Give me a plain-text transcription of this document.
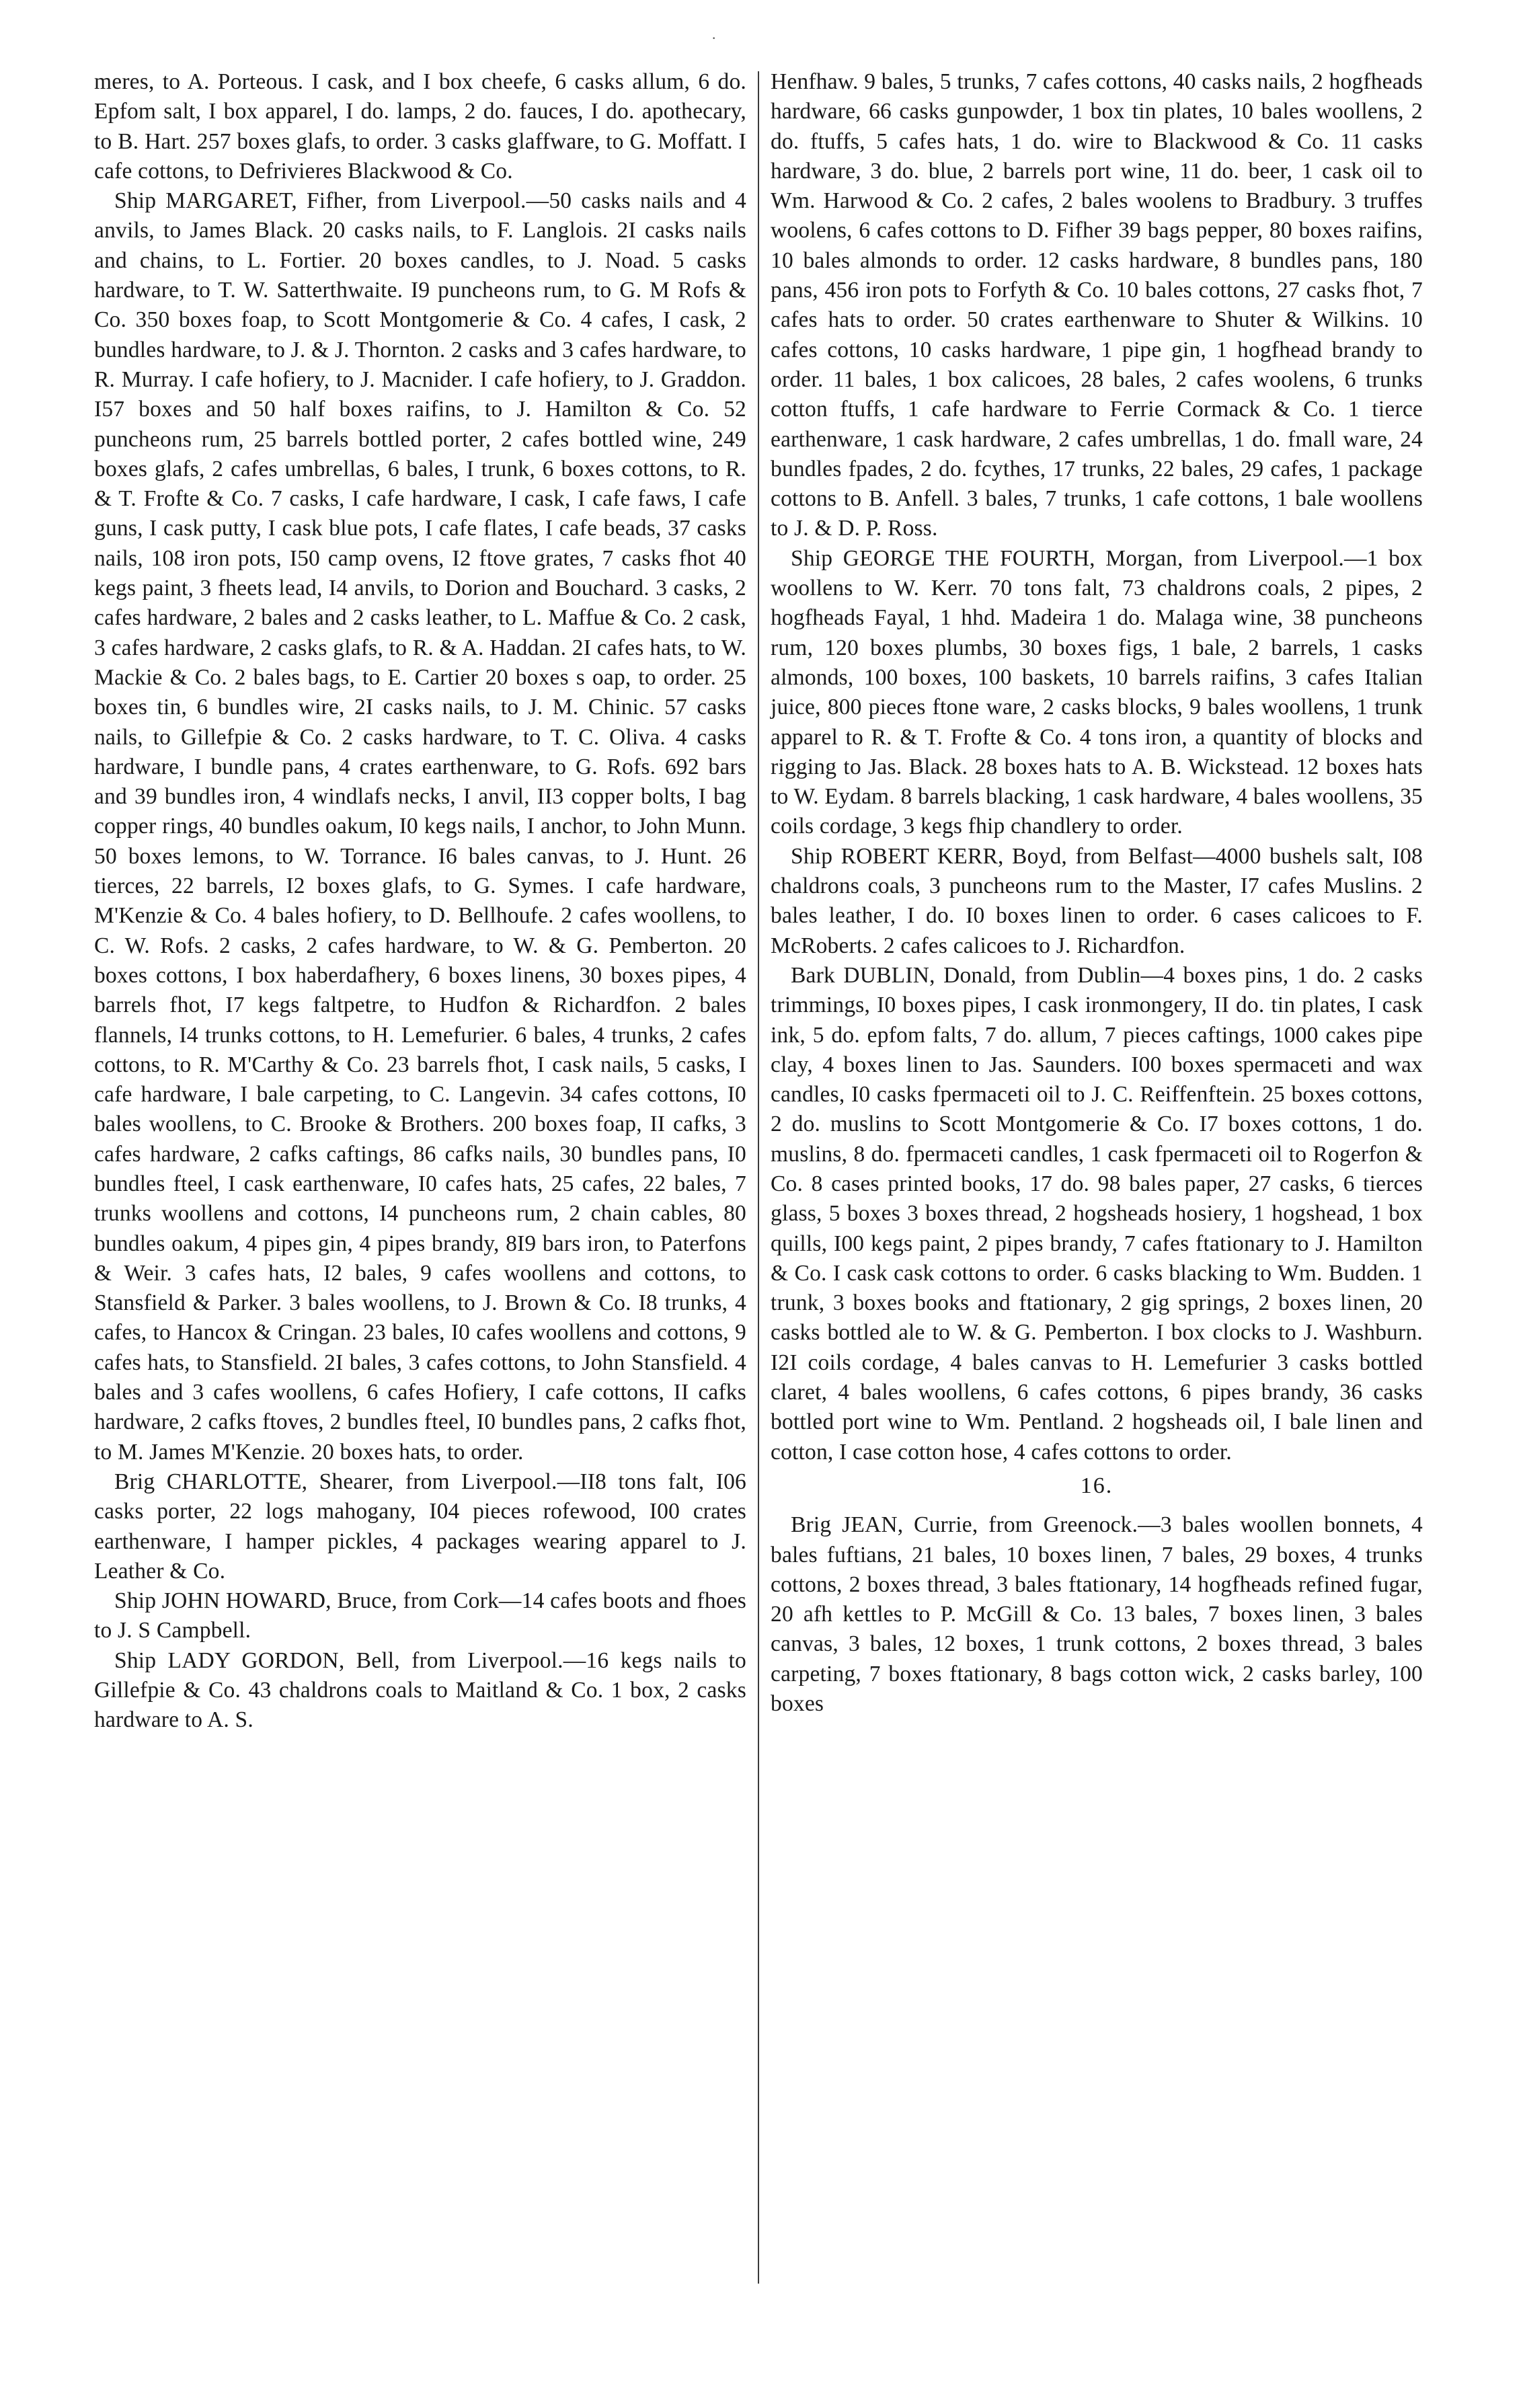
·

meres, to A. Porteous. I cask, and I box cheefe, 6 casks allum, 6 do. Epfom salt, I box apparel, I do. lamps, 2 do. fauces, I do. apothecary, to B. Hart. 257 boxes glafs, to order. 3 casks glaffware, to G. Moffatt. I cafe cottons, to Defrivieres Blackwood & Co.

Ship MARGARET, Fifher, from Liverpool.—50 casks nails and 4 anvils, to James Black. 20 casks nails, to F. Langlois. 2I casks nails and chains, to L. Fortier. 20 boxes candles, to J. Noad. 5 casks hardware, to T. W. Satterthwaite. I9 puncheons rum, to G. M Rofs & Co. 350 boxes foap, to Scott Montgomerie & Co. 4 cafes, I cask, 2 bundles hardware, to J. & J. Thornton. 2 casks and 3 cafes hardware, to R. Murray. I cafe hofiery, to J. Macnider. I cafe hofiery, to J. Graddon. I57 boxes and 50 half boxes raifins, to J. Hamilton & Co. 52 puncheons rum, 25 barrels bottled porter, 2 cafes bottled wine, 249 boxes glafs, 2 cafes umbrellas, 6 bales, I trunk, 6 boxes cottons, to R. & T. Frofte & Co. 7 casks, I cafe hardware, I cask, I cafe faws, I cafe guns, I cask putty, I cask blue pots, I cafe flates, I cafe beads, 37 casks nails, 108 iron pots, I50 camp ovens, I2 ftove grates, 7 casks fhot 40 kegs paint, 3 fheets lead, I4 anvils, to Dorion and Bouchard. 3 casks, 2 cafes hardware, 2 bales and 2 casks leather, to L. Maffue & Co. 2 cask, 3 cafes hardware, 2 casks glafs, to R. & A. Haddan. 2I cafes hats, to W. Mackie & Co. 2 bales bags, to E. Cartier 20 boxes s oap, to order. 25 boxes tin, 6 bundles wire, 2I casks nails, to J. M. Chinic. 57 casks nails, to Gillefpie & Co. 2 casks hardware, to T. C. Oliva. 4 casks hardware, I bundle pans, 4 crates earthenware, to G. Rofs. 692 bars and 39 bundles iron, 4 windlafs necks, I anvil, II3 copper bolts, I bag copper rings, 40 bundles oakum, I0 kegs nails, I anchor, to John Munn. 50 boxes lemons, to W. Torrance. I6 bales canvas, to J. Hunt. 26 tierces, 22 barrels, I2 boxes glafs, to G. Symes. I cafe hardware, M'Kenzie & Co. 4 bales hofiery, to D. Bellhoufe. 2 cafes woollens, to C. W. Rofs. 2 casks, 2 cafes hardware, to W. & G. Pemberton. 20 boxes cottons, I box haberdafhery, 6 boxes linens, 30 boxes pipes, 4 barrels fhot, I7 kegs faltpetre, to Hudfon & Richardfon. 2 bales flannels, I4 trunks cottons, to H. Lemefurier. 6 bales, 4 trunks, 2 cafes cottons, to R. M'Carthy & Co. 23 barrels fhot, I cask nails, 5 casks, I cafe hardware, I bale carpeting, to C. Langevin. 34 cafes cottons, I0 bales woollens, to C. Brooke & Brothers. 200 boxes foap, II cafks, 3 cafes hardware, 2 cafks caftings, 86 cafks nails, 30 bundles pans, I0 bundles fteel, I cask earthenware, I0 cafes hats, 25 cafes, 22 bales, 7 trunks woollens and cottons, I4 puncheons rum, 2 chain cables, 80 bundles oakum, 4 pipes gin, 4 pipes brandy, 8I9 bars iron, to Paterfons & Weir. 3 cafes hats, I2 bales, 9 cafes woollens and cottons, to Stansfield & Parker. 3 bales woollens, to J. Brown & Co. I8 trunks, 4 cafes, to Hancox & Cringan. 23 bales, I0 cafes woollens and cottons, 9 cafes hats, to Stansfield. 2I bales, 3 cafes cottons, to John Stansfield. 4 bales and 3 cafes woollens, 6 cafes Hofiery, I cafe cottons, II cafks hardware, 2 cafks ftoves, 2 bundles fteel, I0 bundles pans, 2 cafks fhot, to M. James M'Kenzie. 20 boxes hats, to order.

Brig CHARLOTTE, Shearer, from Liverpool.—II8 tons falt, I06 casks porter, 22 logs mahogany, I04 pieces rofewood, I00 crates earthenware, I hamper pickles, 4 packages wearing apparel to J. Leather & Co.

Ship JOHN HOWARD, Bruce, from Cork—14 cafes boots and fhoes to J. S Campbell.

Ship LADY GORDON, Bell, from Liverpool.—16 kegs nails to Gillefpie & Co. 43 chaldrons coals to Maitland & Co. 1 box, 2 casks hardware to A. S.

Henfhaw. 9 bales, 5 trunks, 7 cafes cottons, 40 casks nails, 2 hogfheads hardware, 66 casks gunpowder, 1 box tin plates, 10 bales woollens, 2 do. ftuffs, 5 cafes hats, 1 do. wire to Blackwood & Co. 11 casks hardware, 3 do. blue, 2 barrels port wine, 11 do. beer, 1 cask oil to Wm. Harwood & Co. 2 cafes, 2 bales woolens to Bradbury. 3 truffes woolens, 6 cafes cottons to D. Fifher 39 bags pepper, 80 boxes raifins, 10 bales almonds to order. 12 casks hardware, 8 bundles pans, 180 pans, 456 iron pots to Forfyth & Co. 10 bales cottons, 27 casks fhot, 7 cafes hats to order. 50 crates earthenware to Shuter & Wilkins. 10 cafes cottons, 10 casks hardware, 1 pipe gin, 1 hogfhead brandy to order. 11 bales, 1 box calicoes, 28 bales, 2 cafes woolens, 6 trunks cotton ftuffs, 1 cafe hardware to Ferrie Cormack & Co. 1 tierce earthenware, 1 cask hardware, 2 cafes umbrellas, 1 do. fmall ware, 24 bundles fpades, 2 do. fcythes, 17 trunks, 22 bales, 29 cafes, 1 package cottons to B. Anfell. 3 bales, 7 trunks, 1 cafe cottons, 1 bale woollens to J. & D. P. Ross.

Ship GEORGE THE FOURTH, Morgan, from Liverpool.—1 box woollens to W. Kerr. 70 tons falt, 73 chaldrons coals, 2 pipes, 2 hogfheads Fayal, 1 hhd. Madeira 1 do. Malaga wine, 38 puncheons rum, 120 boxes plumbs, 30 boxes figs, 1 bale, 2 barrels, 1 casks almonds, 100 boxes, 100 baskets, 10 barrels raifins, 3 cafes Italian juice, 800 pieces ftone ware, 2 casks blocks, 9 bales woollens, 1 trunk apparel to R. & T. Frofte & Co. 4 tons iron, a quantity of blocks and rigging to Jas. Black. 28 boxes hats to A. B. Wickstead. 12 boxes hats to W. Eydam. 8 barrels blacking, 1 cask hardware, 4 bales woollens, 35 coils cordage, 3 kegs fhip chandlery to order.

Ship ROBERT KERR, Boyd, from Belfast—4000 bushels salt, I08 chaldrons coals, 3 puncheons rum to the Master, I7 cafes Muslins. 2 bales leather, I do. I0 boxes linen to order. 6 cases calicoes to F. McRoberts. 2 cafes calicoes to J. Richardfon.

Bark DUBLIN, Donald, from Dublin—4 boxes pins, 1 do. 2 casks trimmings, I0 boxes pipes, I cask ironmongery, II do. tin plates, I cask ink, 5 do. epfom falts, 7 do. allum, 7 pieces caftings, 1000 cakes pipe clay, 4 boxes linen to Jas. Saunders. I00 boxes spermaceti and wax candles, I0 casks fpermaceti oil to J. C. Reiffenftein. 25 boxes cottons, 2 do. muslins to Scott Montgomerie & Co. I7 boxes cottons, 1 do. muslins, 8 do. fpermaceti candles, 1 cask fpermaceti oil to Rogerfon & Co. 8 cases printed books, 17 do. 98 bales paper, 27 casks, 6 tierces glass, 5 boxes 3 boxes thread, 2 hogsheads hosiery, 1 hogshead, 1 box quills, I00 kegs paint, 2 pipes brandy, 7 cafes ftationary to J. Hamilton & Co. I cask cask cottons to order. 6 casks blacking to Wm. Budden. 1 trunk, 3 boxes books and ftationary, 2 gig springs, 2 boxes linen, 20 casks bottled ale to W. & G. Pemberton. I box clocks to J. Washburn. I2I coils cordage, 4 bales canvas to H. Lemefurier 3 casks bottled claret, 4 bales woollens, 6 cafes cottons, 6 pipes brandy, 36 casks bottled port wine to Wm. Pentland. 2 hogsheads oil, I bale linen and cotton, I case cotton hose, 4 cafes cottons to order.

16.

Brig JEAN, Currie, from Greenock.—3 bales woollen bonnets, 4 bales fuftians, 21 bales, 10 boxes linen, 7 bales, 29 boxes, 4 trunks cottons, 2 boxes thread, 3 bales ftationary, 14 hogfheads refined fugar, 20 afh kettles to P. McGill & Co. 13 bales, 7 boxes linen, 3 bales canvas, 3 bales, 12 boxes, 1 trunk cottons, 2 boxes thread, 3 bales carpeting, 7 boxes ftationary, 8 bags cotton wick, 2 casks barley, 100 boxes
